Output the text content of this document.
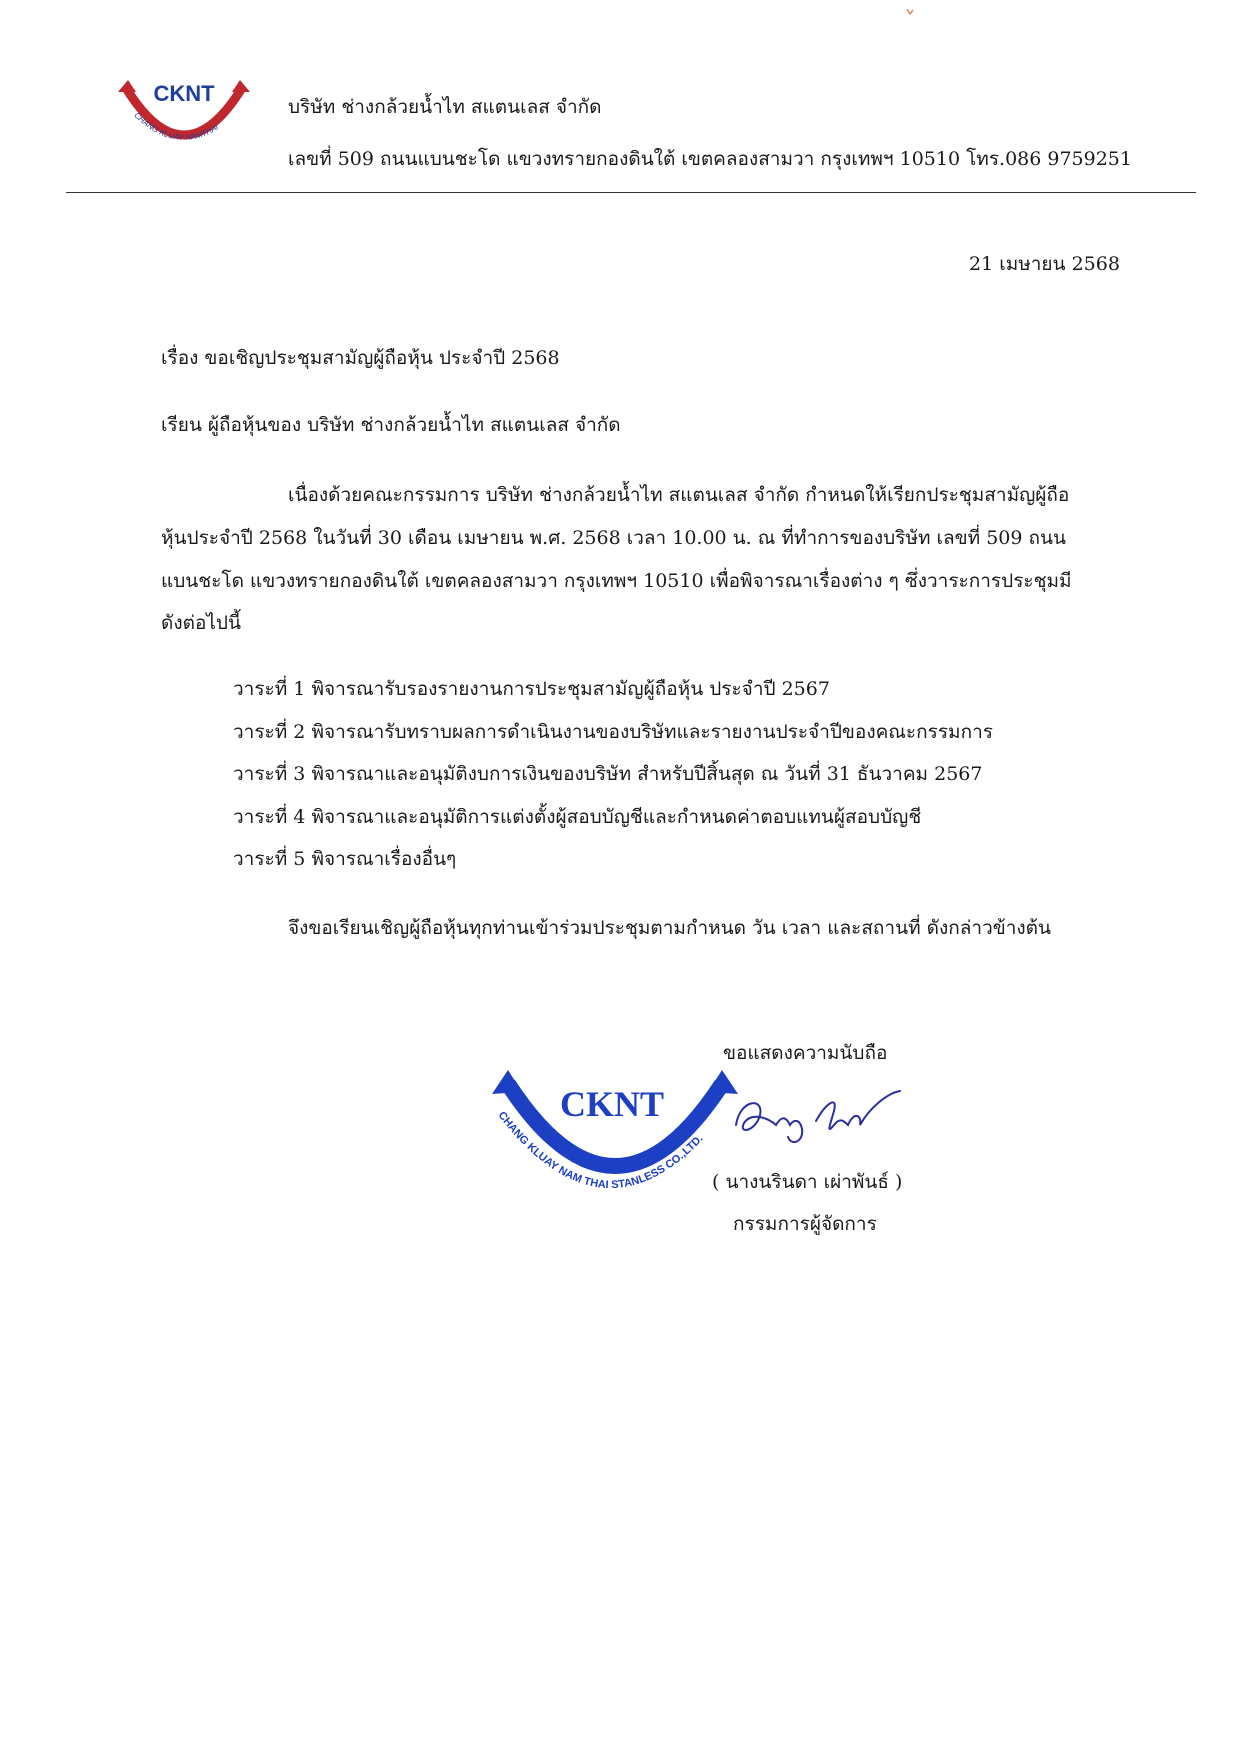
CKNT
CHANG KLUAY NAMTHAI
บริษัท ช่างกล้วยน้ำไท สแตนเลส จำกัด
เลขที่ 509 ถนนแบนชะโด แขวงทรายกองดินใต้ เขตคลองสามวา กรุงเทพฯ 10510 โทร.086 9759251
21 เมษายน 2568
เรื่อง ขอเชิญประชุมสามัญผู้ถือหุ้น ประจำปี 2568
เรียน ผู้ถือหุ้นของ บริษัท ช่างกล้วยน้ำไท สแตนเลส จำกัด
เนื่องด้วยคณะกรรมการ บริษัท ช่างกล้วยน้ำไท สแตนเลส จำกัด กำหนดให้เรียกประชุมสามัญผู้ถือ
หุ้นประจำปี 2568 ในวันที่ 30 เดือน เมษายน พ.ศ. 2568 เวลา 10.00 น. ณ ที่ทำการของบริษัท เลขที่ 509 ถนน
แบนชะโด แขวงทรายกองดินใต้ เขตคลองสามวา กรุงเทพฯ 10510 เพื่อพิจารณาเรื่องต่าง ๆ ซึ่งวาระการประชุมมี
ดังต่อไปนี้
วาระที่ 1 พิจารณารับรองรายงานการประชุมสามัญผู้ถือหุ้น ประจำปี 2567
วาระที่ 2 พิจารณารับทราบผลการดำเนินงานของบริษัทและรายงานประจำปีของคณะกรรมการ
วาระที่ 3 พิจารณาและอนุมัติงบการเงินของบริษัท สำหรับปีสิ้นสุด ณ วันที่ 31 ธันวาคม 2567
วาระที่ 4 พิจารณาและอนุมัติการแต่งตั้งผู้สอบบัญชีและกำหนดค่าตอบแทนผู้สอบบัญชี
วาระที่ 5 พิจารณาเรื่องอื่นๆ
จึงขอเรียนเชิญผู้ถือหุ้นทุกท่านเข้าร่วมประชุมตามกำหนด วัน เวลา และสถานที่ ดังกล่าวข้างต้น
ขอแสดงความนับถือ
CKNT
CHANG KLUAY NAM THAI STANLESS CO.,LTD.
( นางนรินดา เผ่าพันธ์ )
กรรมการผู้จัดการ
